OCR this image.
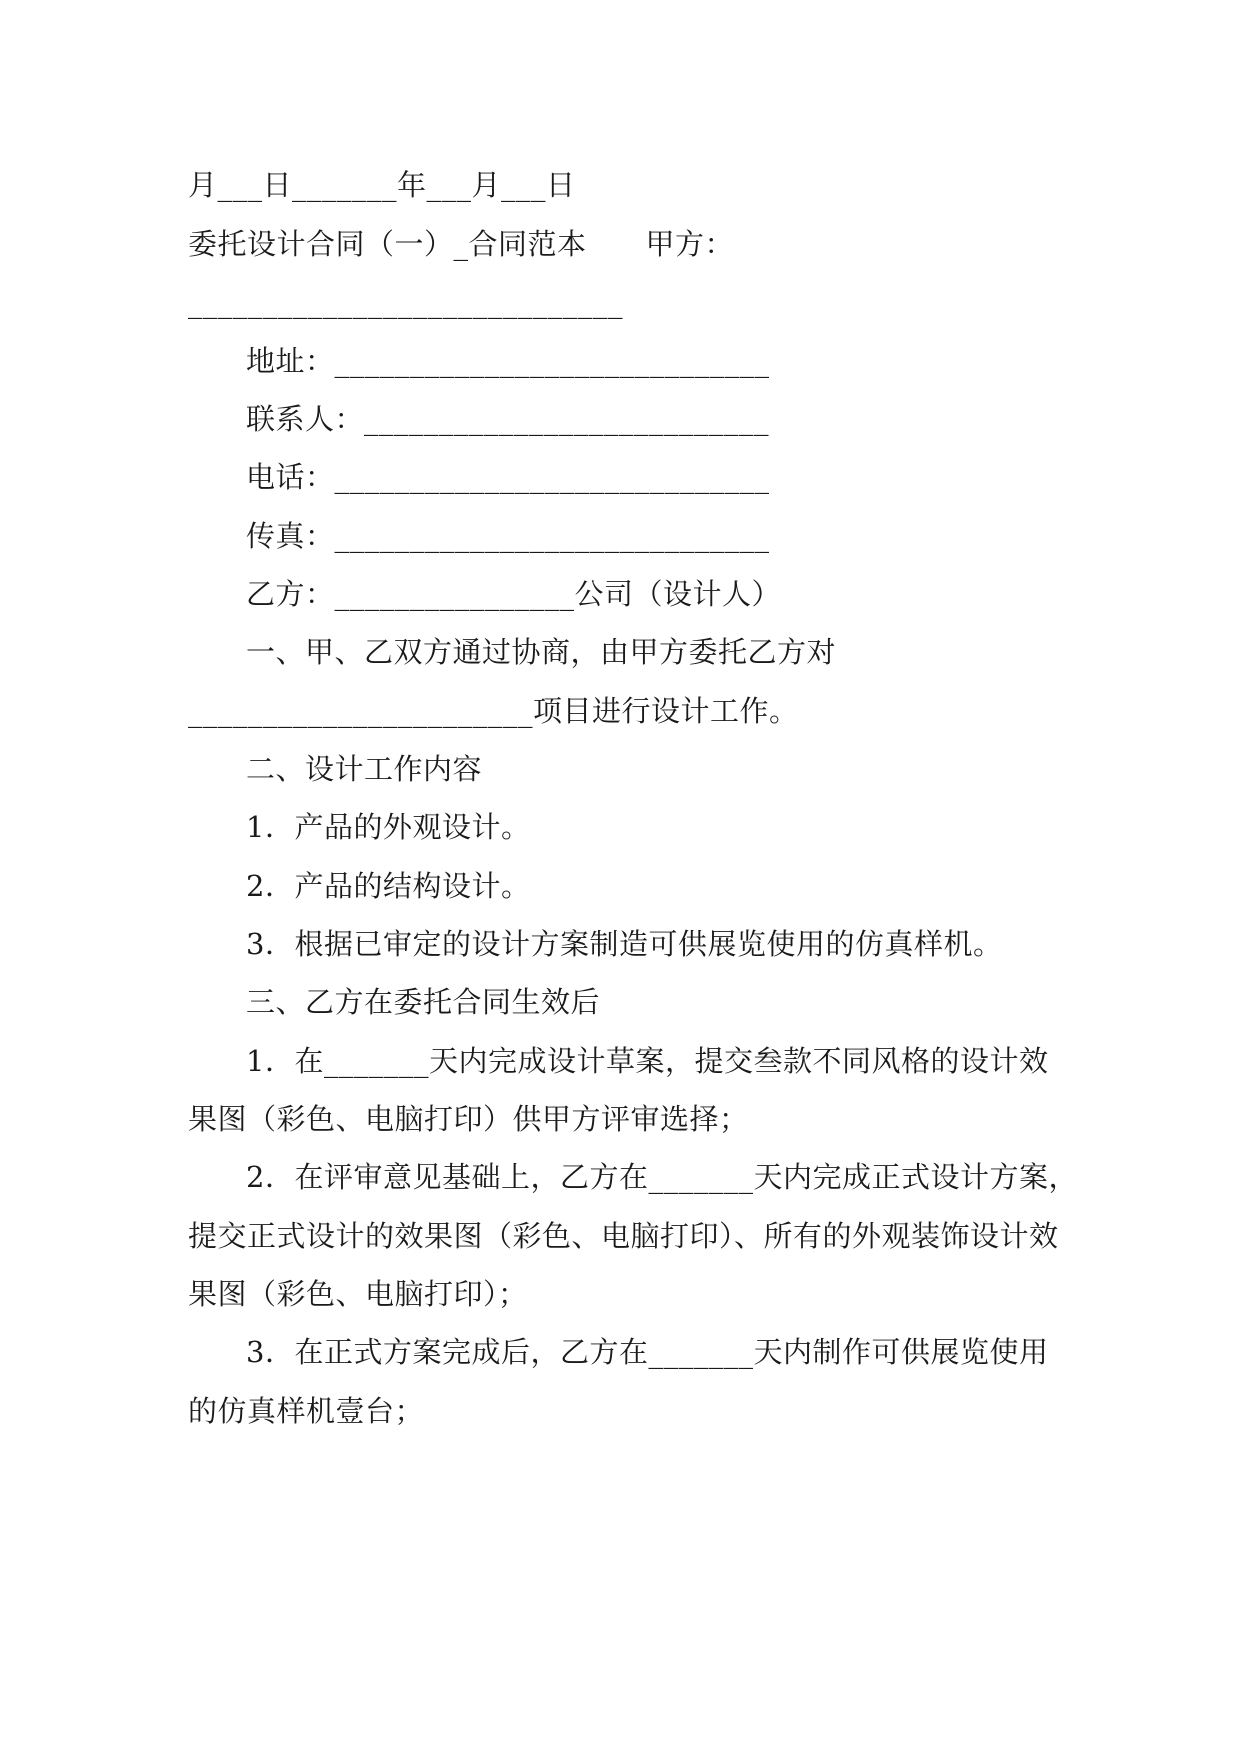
月___日_______年___月___日
委托设计合同（一）_合同范本　　甲方：
_____________________________
地址：_____________________________
联系人：___________________________
电话：_____________________________
传真：_____________________________
乙方：________________公司（设计人）
一、甲、乙双方通过协商，由甲方委托乙方对
_______________________项目进行设计工作。
二、设计工作内容
1．产品的外观设计。
2．产品的结构设计。
3．根据已审定的设计方案制造可供展览使用的仿真样机。
三、乙方在委托合同生效后
1．在_______天内完成设计草案，提交叁款不同风格的设计效
果图（彩色、电脑打印）供甲方评审选择；
2．在评审意见基础上，乙方在_______天内完成正式设计方案，
提交正式设计的效果图（彩色、电脑打印）、所有的外观装饰设计效
果图（彩色、电脑打印）；
3．在正式方案完成后，乙方在_______天内制作可供展览使用
的仿真样机壹台；
